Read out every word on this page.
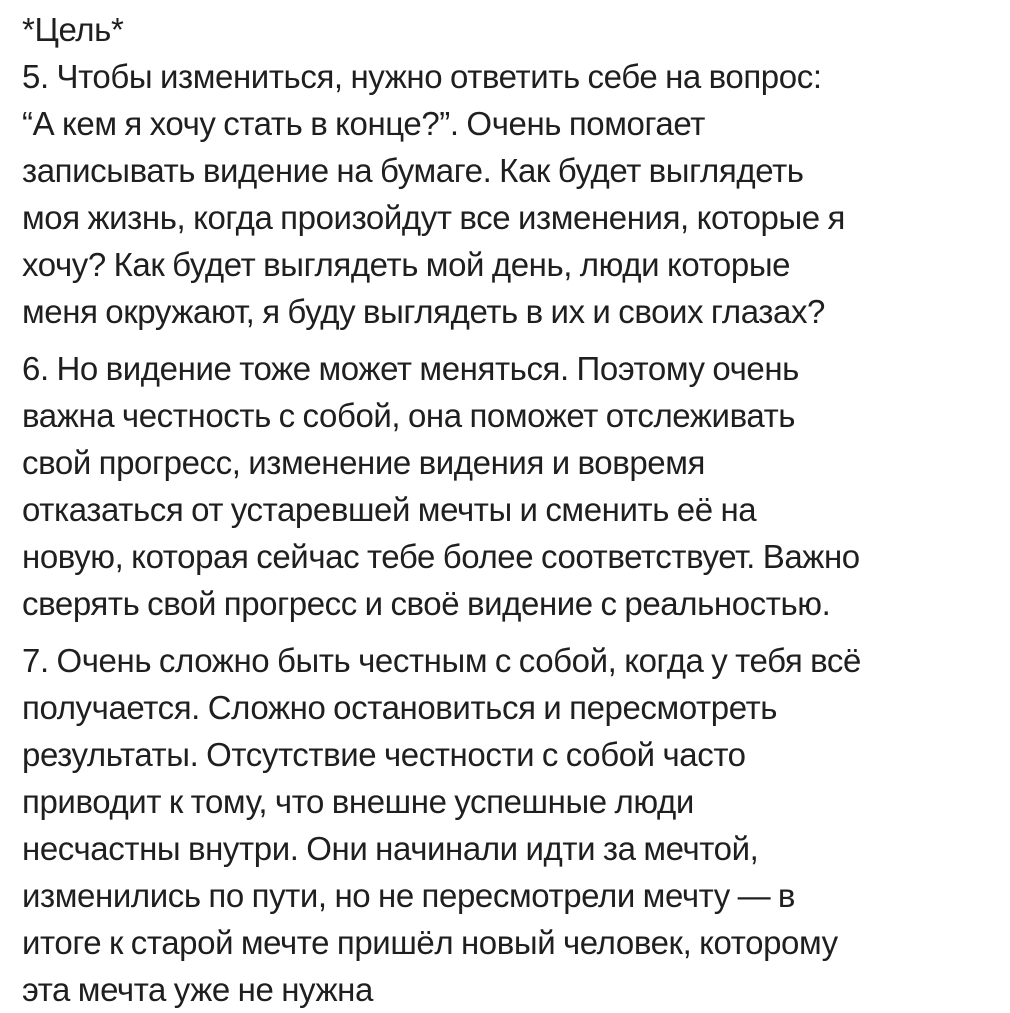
*Цель*
5. Чтобы измениться, нужно ответить себе на вопрос:
“А кем я хочу стать в конце?”. Очень помогает
записывать видение на бумаге. Как будет выглядеть
моя жизнь, когда произойдут все изменения, которые я
хочу? Как будет выглядеть мой день, люди которые
меня окружают, я буду выглядеть в их и своих глазах?
6. Но видение тоже может меняться. Поэтому очень
важна честность с собой, она поможет отслеживать
свой прогресс, изменение видения и вовремя
отказаться от устаревшей мечты и сменить её на
новую, которая сейчас тебе более соответствует. Важно
сверять свой прогресс и своё видение с реальностью.
7. Очень сложно быть честным с собой, когда у тебя всё
получается. Сложно остановиться и пересмотреть
результаты. Отсутствие честности с собой часто
приводит к тому, что внешне успешные люди
несчастны внутри. Они начинали идти за мечтой,
изменились по пути, но не пересмотрели мечту — в
итоге к старой мечте пришёл новый человек, которому
эта мечта уже не нужна
